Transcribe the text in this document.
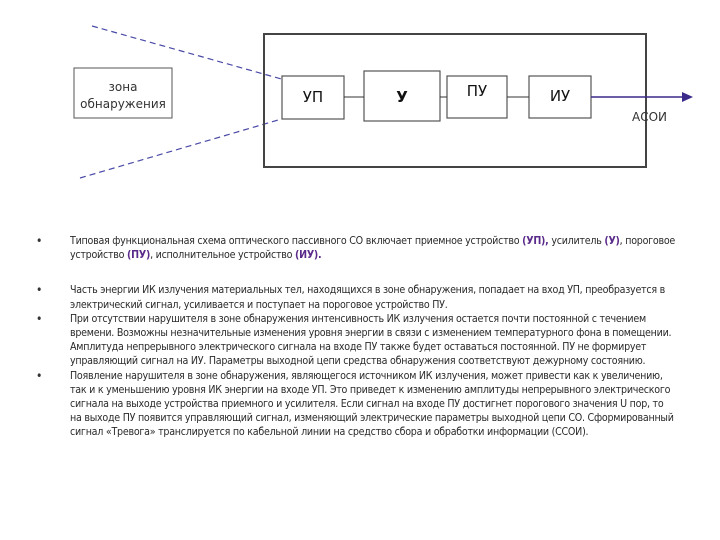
зона
обнаружения	УП	У	ПУ	ИУ
АСОИ
•	Типовая функциональная схема оптического пассивного СО включает приемное устройство (УП), усилитель (У), пороговое устройство (ПУ), исполнительное устройство (ИУ).
•	Часть энергии ИК излучения материальных тел, находящихся в зоне обнаружения, попадает на вход УП, преобразуется в электрический сигнал, усиливается и поступает на пороговое устройство ПУ.
•	При отсутствии нарушителя в зоне обнаружения интенсивность ИК излучения остается почти постоянной с течением времени. Возможны незначительные изменения уровня энергии в связи с изменением температурного фона в помещении. Амплитуда непрерывного электрического сигнала на входе ПУ также будет оставаться постоянной. ПУ не формирует управляющий сигнал на ИУ. Параметры выходной цепи средства обнаружения соответствуют дежурному состоянию.
•	Появление нарушителя в зоне обнаружения, являющегося источником ИК излучения, может привести как к увеличению, так и к уменьшению уровня ИК энергии на входе УП. Это приведет к изменению амплитуды непрерывного электрического сигнала на выходе устройства приемного и усилителя. Если сигнал на входе ПУ достигнет порогового значения U пор, то на выходе ПУ появится управляющий сигнал, изменяющий электрические параметры выходной цепи СО. Сформированный сигнал «Тревога» транслируется по кабельной линии на средство сбора и обработки информации (ССОИ).
